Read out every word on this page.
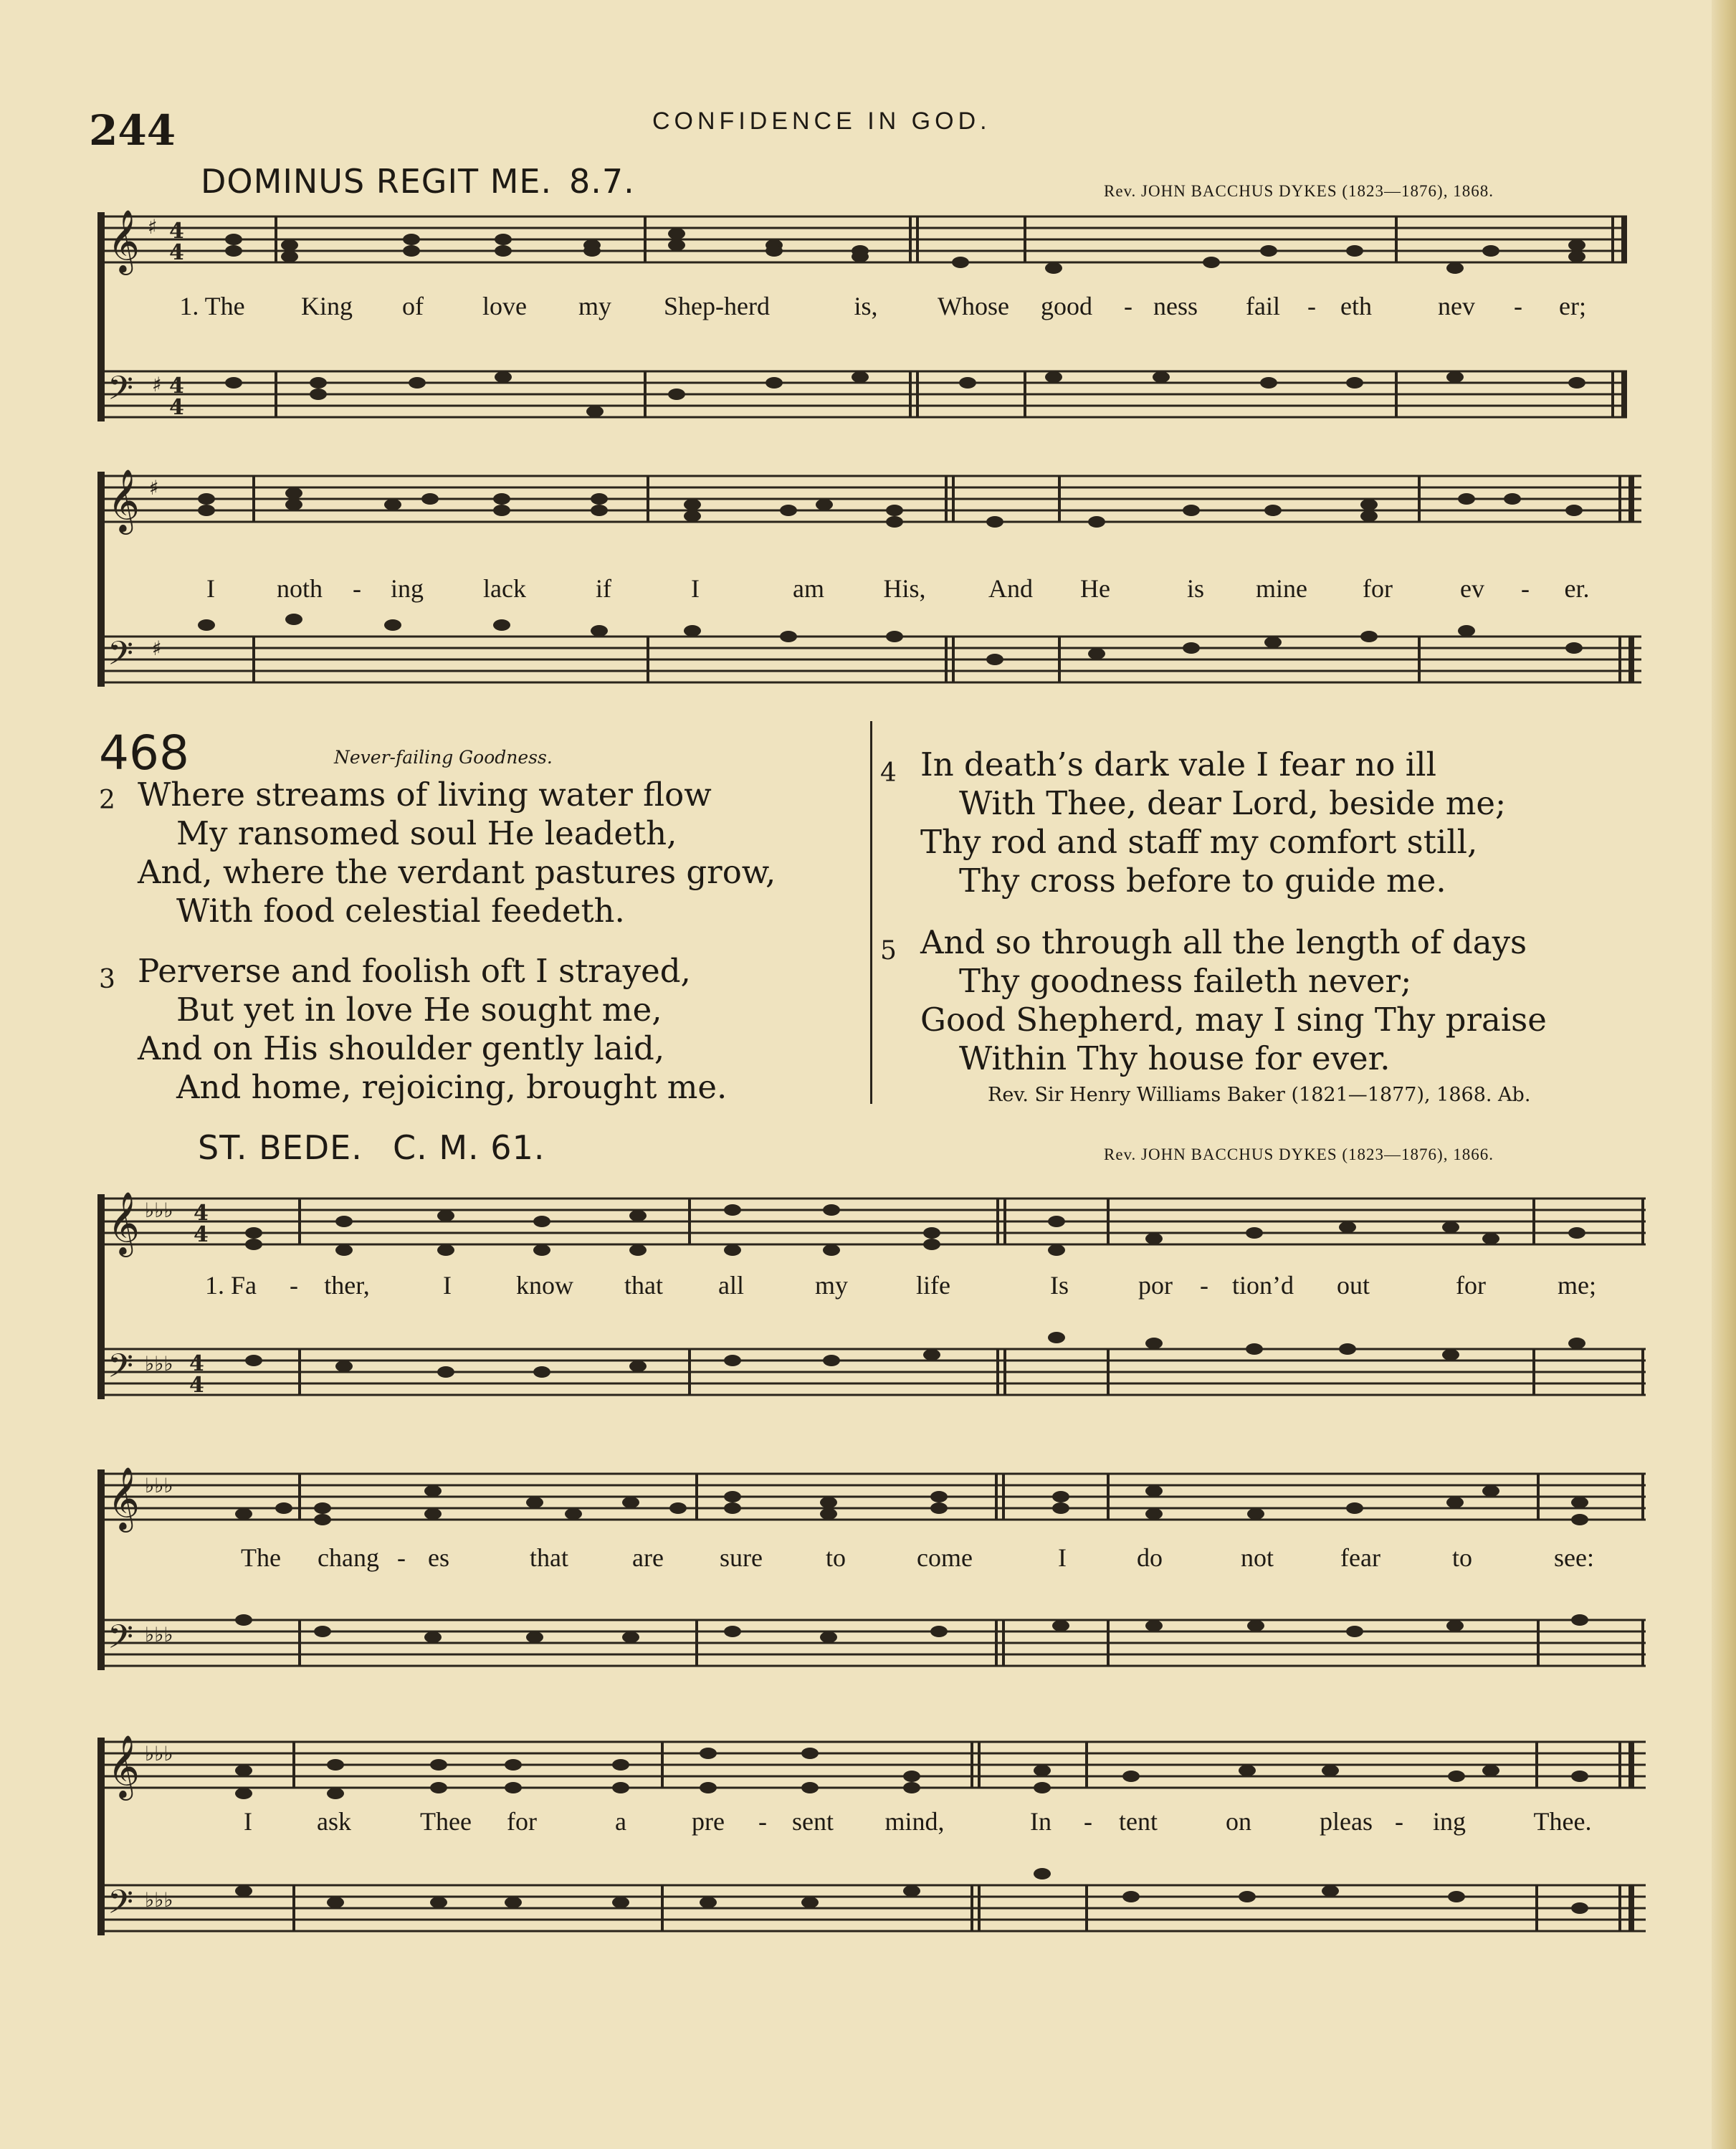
244	CONFIDENCE IN GOD.
DOMINUS REGIT ME. 8.7.	Rev. JOHN BACCHUS DYKES (1823—1876), 1868.
𝄞
𝄢
♯
♯
4
4
4
4
1. The King of love my Shep-herd	is, Whose good - ness fail - eth	nev - er;
𝄞
𝄢
♯
♯
I noth - ing lack	if	I	am His, And He	is mine for	ev - er.
468	Never-failing Goodness.
2 Where streams of living water flow
My ransomed soul He leadeth,
And, where the verdant pastures grow,
With food celestial feedeth.
3 Perverse and foolish oft I strayed,
But yet in love He sought me,
And on His shoulder gently laid,
And home, rejoicing, brought me.
4 In death’s dark vale I fear no ill
With Thee, dear Lord, beside me;
Thy rod and staff my comfort still,
Thy cross before to guide me.
5 And so through all the length of days
Thy goodness faileth never;
Good Shepherd, may I sing Thy praise
Within Thy house for ever.
Rev. Sir Henry Williams Baker (1821—1877), 1868. Ab.
ST. BEDE. C. M. 61.	Rev. JOHN BACCHUS DYKES (1823—1876), 1866.
𝄞
𝄢
♭♭♭
♭♭♭
4
4
4
4
1. Fa - ther,	I	know that all	my	life	Is	por - tion’d out	for	me;
𝄞
𝄢
♭♭♭
♭♭♭
The chang - es	that are sure to	come	I	do	not	fear	to	see:
𝄞
𝄢
♭♭♭
♭♭♭
I	ask	Thee for	a	pre - sent mind,	In - tent	on	pleas - ing	Thee.
